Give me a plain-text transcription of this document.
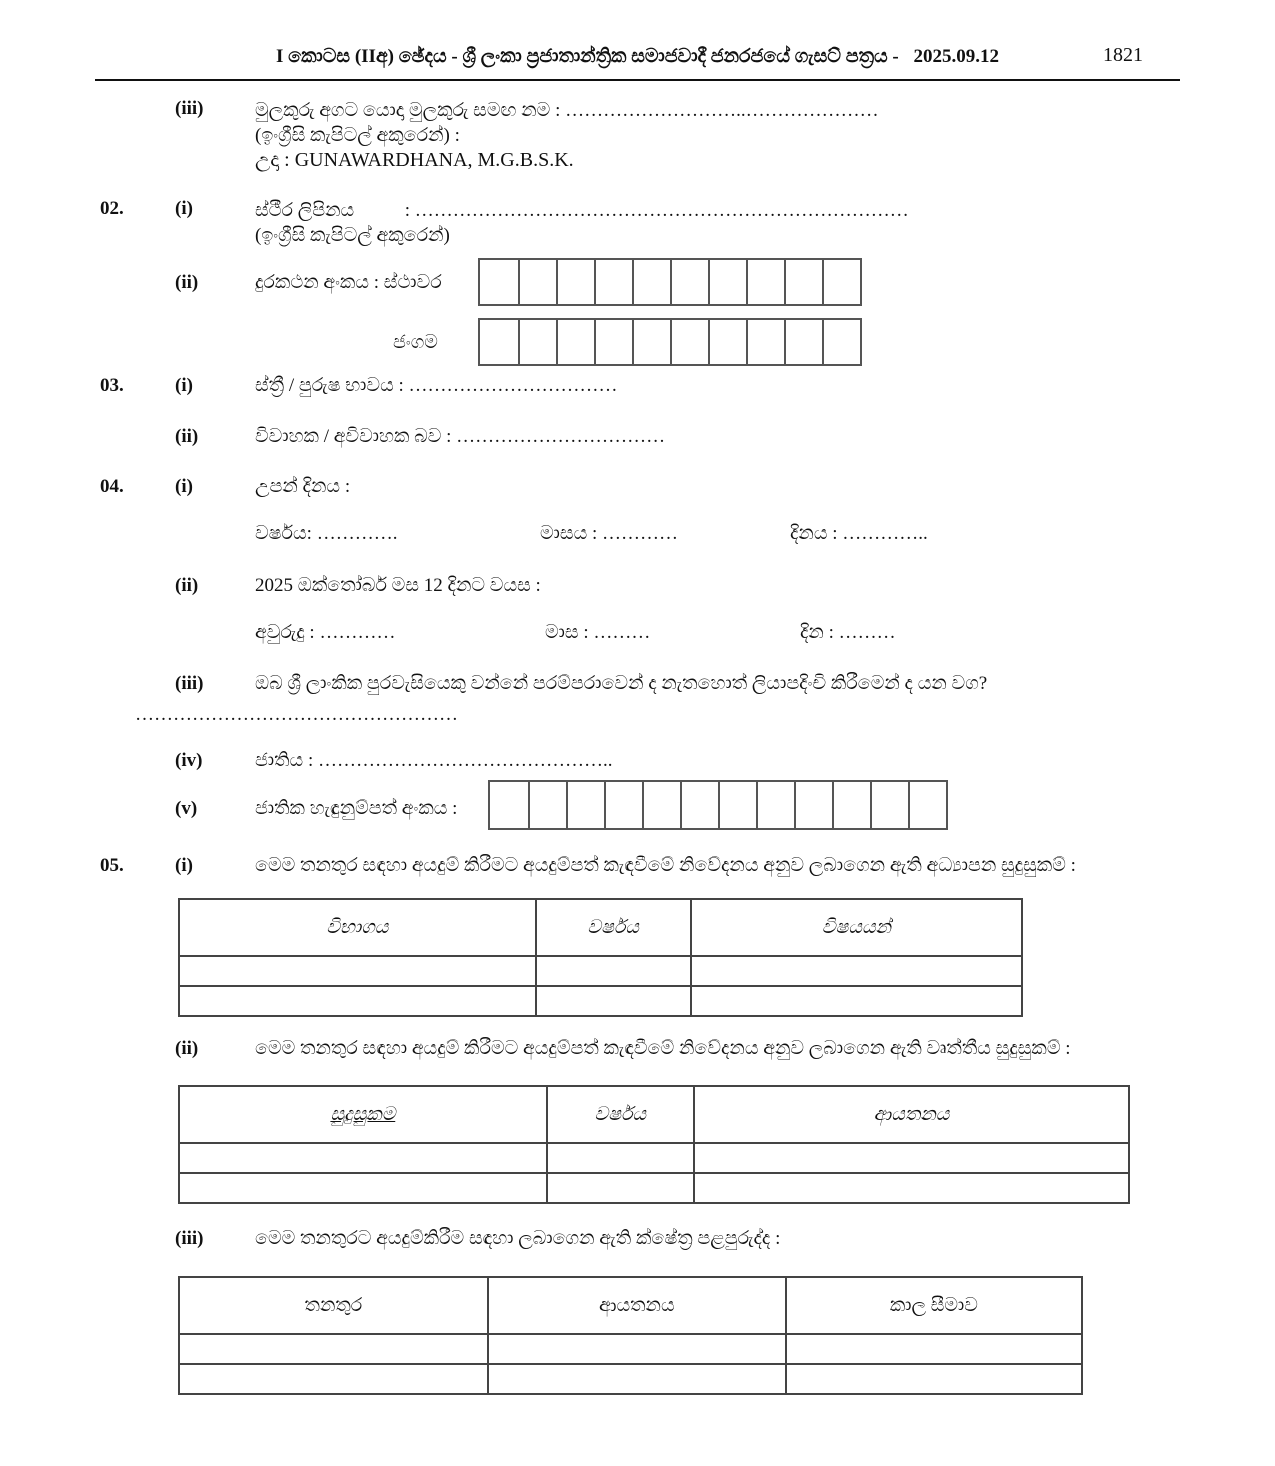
I කොටස (IIඅ) ඡේදය - ශ්‍රී ලංකා ප්‍රජාතාන්ත්‍රික සමාජවාදී ජනරජයේ ගැසට් පත්‍රය - 2025.09.12	1821
(iii)	මුලකුරු අගට යොදා මුලකුරු සමඟ නම : ………………………..…………………
(ඉංග්‍රීසි කැපිටල් අකුරෙන්) :
උදා : GUNAWARDHANA, M.G.B.S.K.
02.	(i)	ස්ථීර ලිපිනය	: ……………………………………………………………………
(ඉංග්‍රීසි කැපිටල් අකුරෙන්)
(ii)	දුරකථන අංකය : ස්ථාවර
ජංගම
03.	(i)	ස්ත්‍රී / පුරුෂ භාවය : ……………………………
(ii)	විවාහක / අවිවාහක බව : ……………………………
04.	(i)	උපන් දිනය :
වර්ෂය: ………….	මාසය : …………	දිනය : …………..
(ii)	2025 ඔක්තෝබර් මස 12 දිනට වයස :
අවුරුදු : …………	මාස : ………	දින : ………
(iii)	ඔබ ශ්‍රී ලාංකික පුරවැසියෙකු වන්නේ පරම්පරාවෙන් ද නැතහොත් ලියාපදිංචි කිරීමෙන් ද යන වග?
……………………………………………
(iv)	ජාතිය : ………………………………………..
(v)	ජාතික හැඳුනුම්පත් අංකය :
05.	(i)	මෙම තනතුර සඳහා අයදුම් කිරීමට අයදුම්පත් කැඳවීමේ නිවේදනය අනුව ලබාගෙන ඇති අධ්‍යාපන සුදුසුකම් :
විභාගය	වර්ෂය	විෂයයන්

(ii)	මෙම තනතුර සඳහා අයදුම් කිරීමට අයදුම්පත් කැඳවීමේ නිවේදනය අනුව ලබාගෙන ඇති වෘත්තීය සුදුසුකම් :
සුදුසුකම	වර්ෂය	ආයතනය

(iii)	මෙම තනතුරට අයදුම්කිරීම සඳහා ලබාගෙන ඇති ක්ෂේත්‍ර පළපුරුද්ද :
තනතුර	ආයතනය	කාල සීමාව
